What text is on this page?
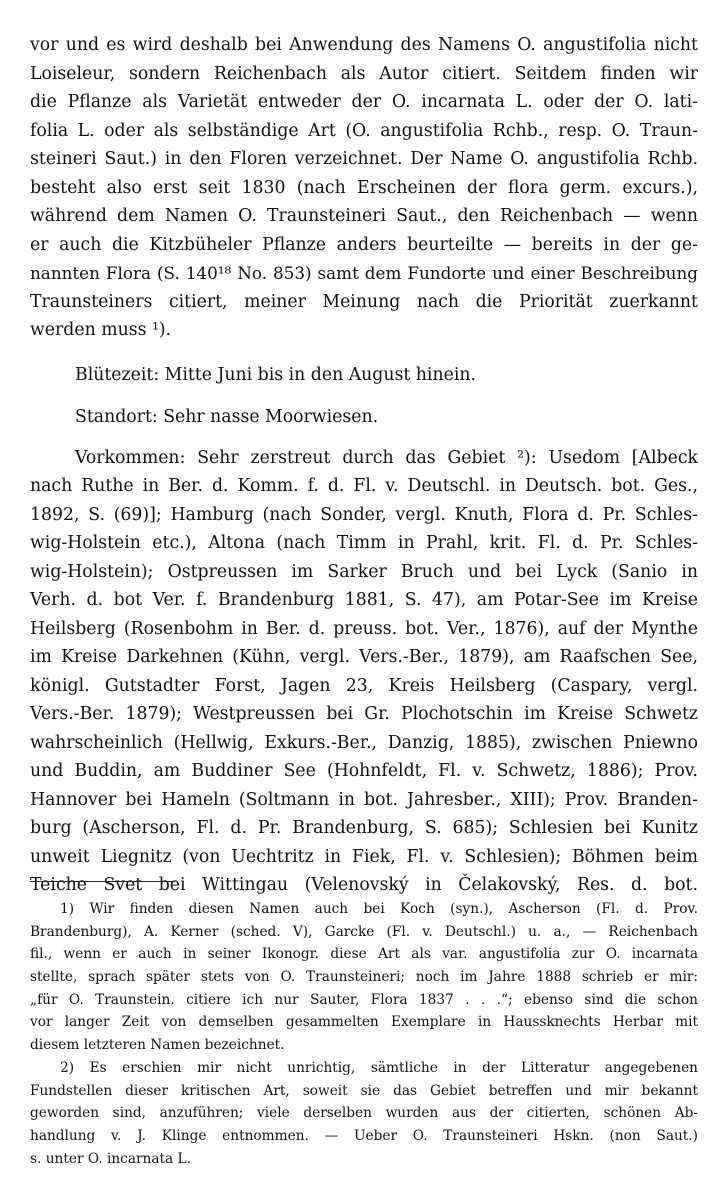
vor und es wird deshalb bei Anwendung des Namens O. angustifolia nicht
Loiseleur, sondern Reichenbach als Autor citiert. Seitdem finden wir
die Pflanze als Varietät entweder der O. incarnata L. oder der O. lati-
folia L. oder als selbständige Art (O. angustifolia Rchb., resp. O. Traun-
steineri Saut.) in den Floren verzeichnet. Der Name O. angustifolia Rchb.
besteht also erst seit 1830 (nach Erscheinen der flora germ. excurs.),
während dem Namen O. Traunsteineri Saut., den Reichenbach — wenn
er auch die Kitzbüheler Pflanze anders beurteilte — bereits in der ge-
nannten Flora (S. 140¹⁸ No. 853) samt dem Fundorte und einer Beschreibung
Traunsteiners citiert, meiner Meinung nach die Priorität zuerkannt
werden muss ¹).
Blütezeit: Mitte Juni bis in den August hinein.
Standort: Sehr nasse Moorwiesen.
Vorkommen: Sehr zerstreut durch das Gebiet ²): Usedom [Albeck
nach Ruthe in Ber. d. Komm. f. d. Fl. v. Deutschl. in Deutsch. bot. Ges.,
1892, S. (69)]; Hamburg (nach Sonder, vergl. Knuth, Flora d. Pr. Schles-
wig-Holstein etc.), Altona (nach Timm in Prahl, krit. Fl. d. Pr. Schles-
wig-Holstein); Ostpreussen im Sarker Bruch und bei Lyck (Sanio in
Verh. d. bot Ver. f. Brandenburg 1881, S. 47), am Potar-See im Kreise
Heilsberg (Rosenbohm in Ber. d. preuss. bot. Ver., 1876), auf der Mynthe
im Kreise Darkehnen (Kühn, vergl. Vers.-Ber., 1879), am Raafschen See,
königl. Gutstadter Forst, Jagen 23, Kreis Heilsberg (Caspary, vergl.
Vers.-Ber. 1879); Westpreussen bei Gr. Plochotschin im Kreise Schwetz
wahrscheinlich (Hellwig, Exkurs.-Ber., Danzig, 1885), zwischen Pniewno
und Buddin, am Buddiner See (Hohnfeldt, Fl. v. Schwetz, 1886); Prov.
Hannover bei Hameln (Soltmann in bot. Jahresber., XIII); Prov. Branden-
burg (Ascherson, Fl. d. Pr. Brandenburg, S. 685); Schlesien bei Kunitz
unweit Liegnitz (von Uechtritz in Fiek, Fl. v. Schlesien); Böhmen beim
Teiche Svet bei Wittingau (Velenovský in Čelakovský, Res. d. bot.
1) Wir finden diesen Namen auch bei Koch (syn.), Ascherson (Fl. d. Prov.
Brandenburg), A. Kerner (sched. V), Garcke (Fl. v. Deutschl.) u. a., — Reichenbach
fil., wenn er auch in seiner Ikonogr. diese Art als var. angustifolia zur O. incarnata
stellte, sprach später stets von O. Traunsteineri; noch im Jahre 1888 schrieb er mir:
„für O. Traunstein. citiere ich nur Sauter, Flora 1837 . . .“; ebenso sind die schon
vor langer Zeit von demselben gesammelten Exemplare in Haussknechts Herbar mit
diesem letzteren Namen bezeichnet.
2) Es erschien mir nicht unrichtig, sämtliche in der Litteratur angegebenen
Fundstellen dieser kritischen Art, soweit sie das Gebiet betreffen und mir bekannt
geworden sind, anzuführen; viele derselben wurden aus der citierten, schönen Ab-
handlung v. J. Klinge entnommen. — Ueber O. Traunsteineri Hskn. (non Saut.)
s. unter O. incarnata L.
